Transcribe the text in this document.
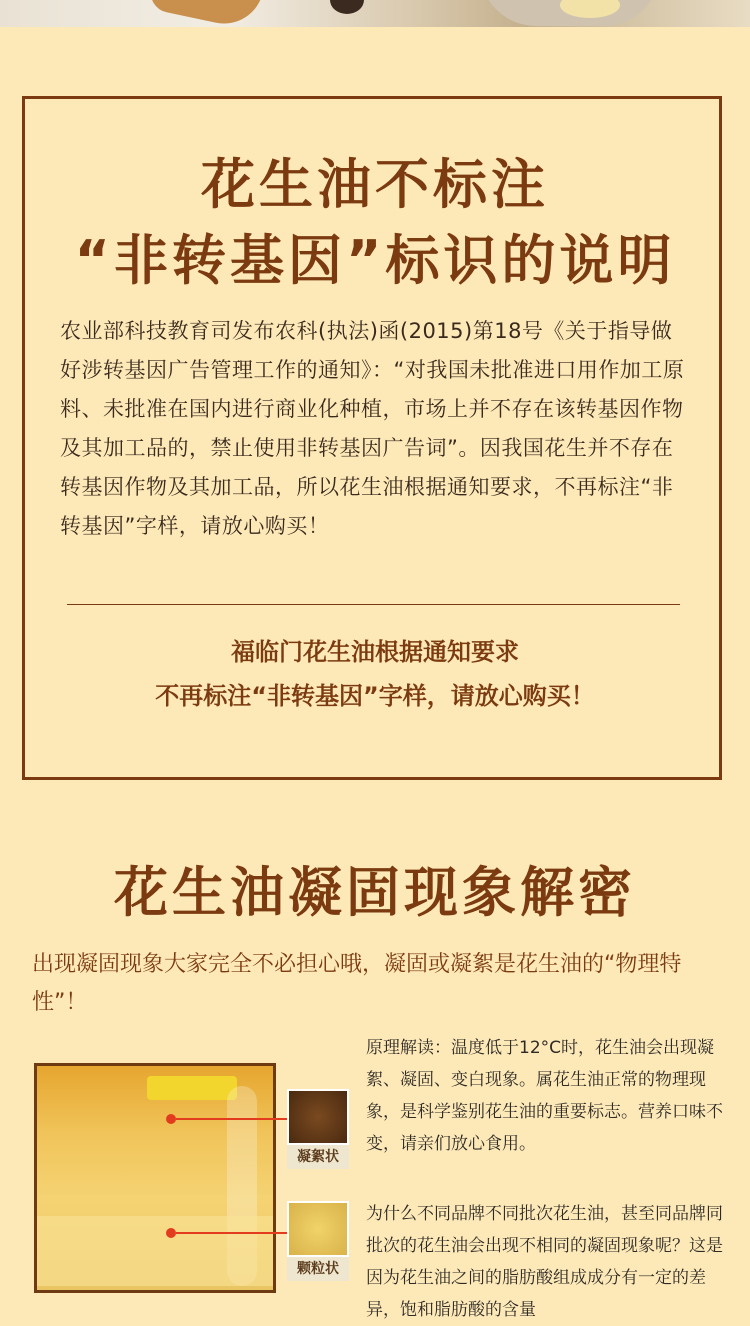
花生油不标注
“非转基因”标识的说明

农业部科技教育司发布农科(执法)函(2015)第18号《关于指导做好涉转基因广告管理工作的通知》：“对我国未批准进口用作加工原料、未批准在国内进行商业化种植，市场上并不存在该转基因作物及其加工品的，禁止使用非转基因广告词”。因我国花生并不存在转基因作物及其加工品，所以花生油根据通知要求，不再标注“非转基因”字样，请放心购买！

福临门花生油根据通知要求

不再标注“非转基因”字样，请放心购买！

花生油凝固现象解密

出现凝固现象大家完全不必担心哦，凝固或凝絮是花生油的“物理特性”！

凝絮状
颗粒状

原理解读：温度低于12°C时，花生油会出现凝絮、凝固、变白现象。属花生油正常的物理现象，是科学鉴别花生油的重要标志。营养口味不变，请亲们放心食用。

为什么不同品牌不同批次花生油，甚至同品牌同批次的花生油会出现不相同的凝固现象呢？这是因为花生油之间的脂肪酸组成成分有一定的差异，饱和脂肪酸的含量
